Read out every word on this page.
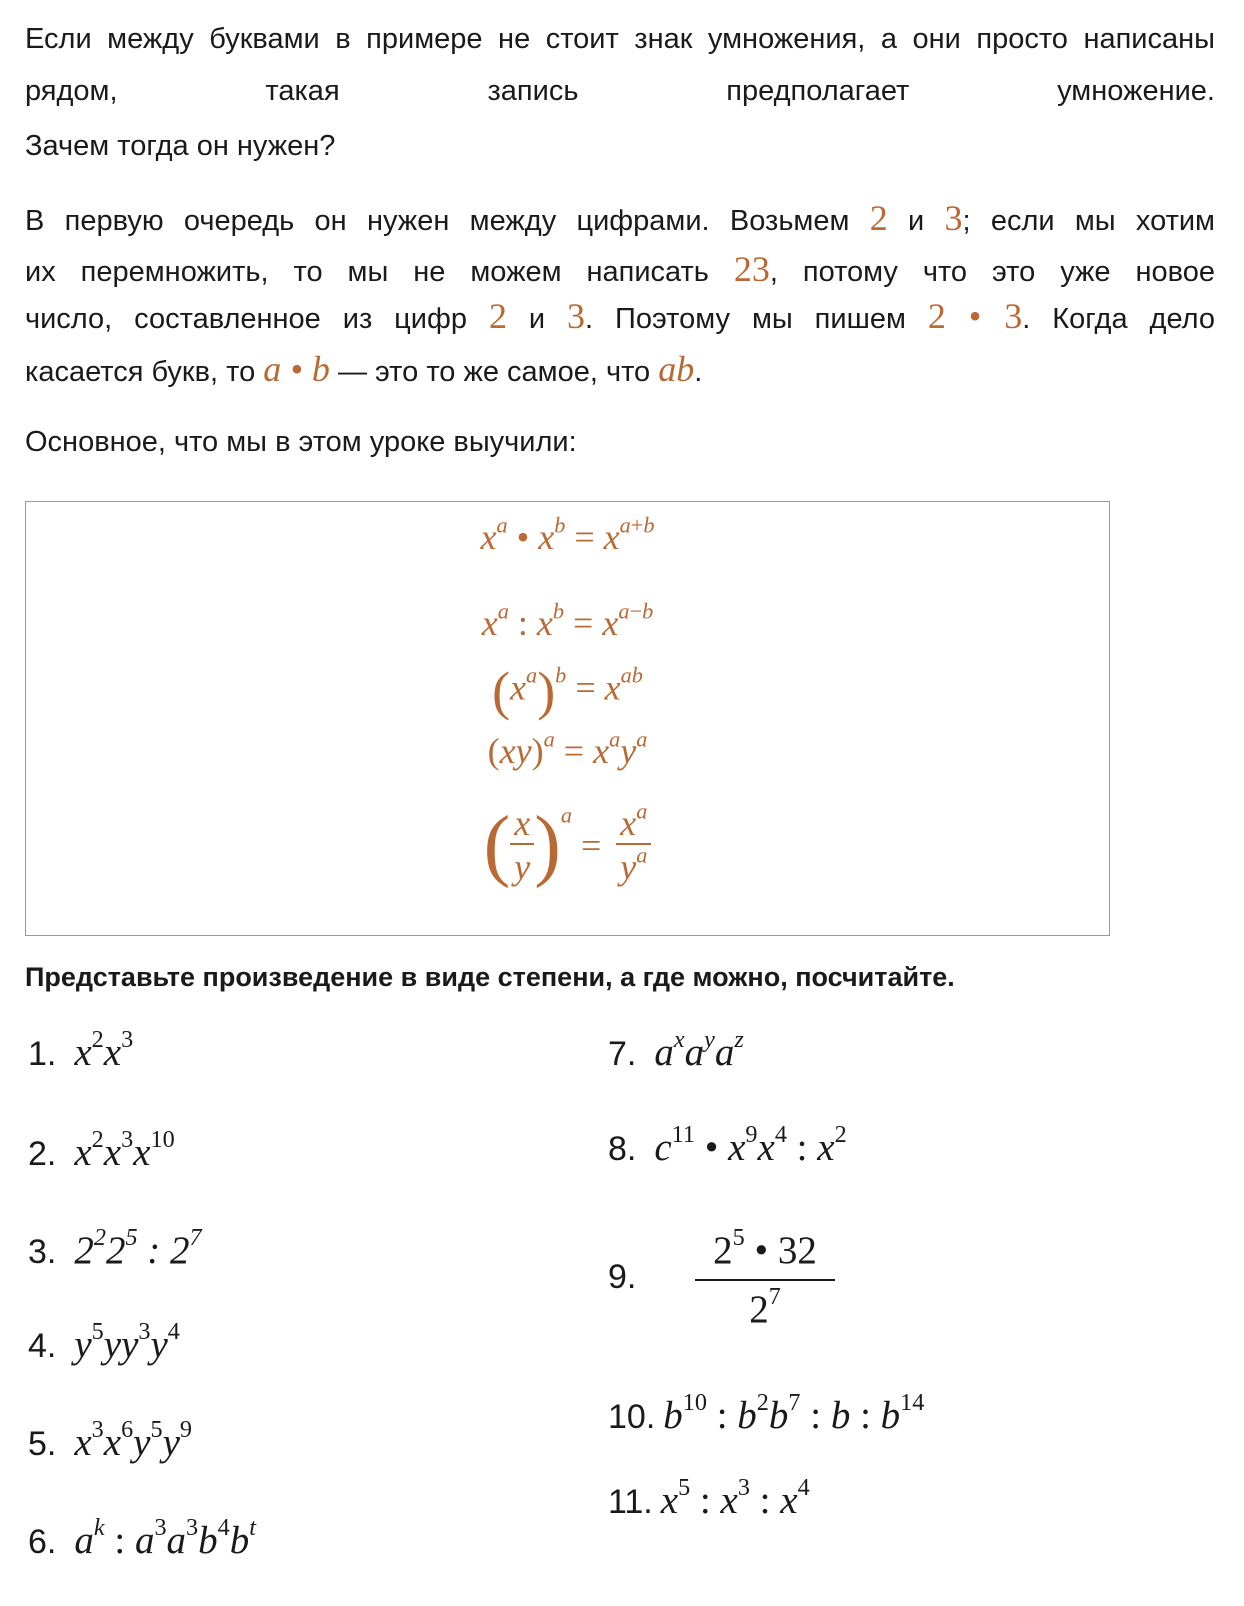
Если между буквами в примере не стоит знак умножения, а они просто написаны рядом, такая запись предполагает умножение.
Зачем тогда он нужен?
В первую очередь он нужен между цифрами. Возьмем 2 и 3; если мы хотим
их перемножить, то мы не можем написать 23, потому что это уже новое
число, составленное из цифр 2 и 3. Поэтому мы пишем 2 • 3. Когда дело
касается букв, то a • b — это то же самое, что ab.
Основное, что мы в этом уроке выучили:
$x^a$ • $x^b = x^{a+b}$
$x^a$ : $x^b = x^{a-b}$
$(x^a)^b = x^{ab}$
$(xy)^a = x^ay^a$
( $\frac{x}{y} )^a = \frac{x^a}{y^a}$
Представьте произведение в виде степени, а где можно, посчитайте.
1. $x^2x^3$
2. $x^2x^3x^{10}$
3. $2^22^5$ : $2^7$
4. $y^5yy^3y^4$
5. $x^3x^6y^5y^9$
6. $a^k$ : $a^3a^3b^4b^t$
7. $a^xa^ya^z$
8. $c^{11}$ • $x^9x^4$ : $x^2$
9.
$2^5$ • 32
$2^7$
10. $b^{10}$ : $b^2b^7$ : b : $b^{14}$
11. $x^5$ : $x^3$ : $x^4$
